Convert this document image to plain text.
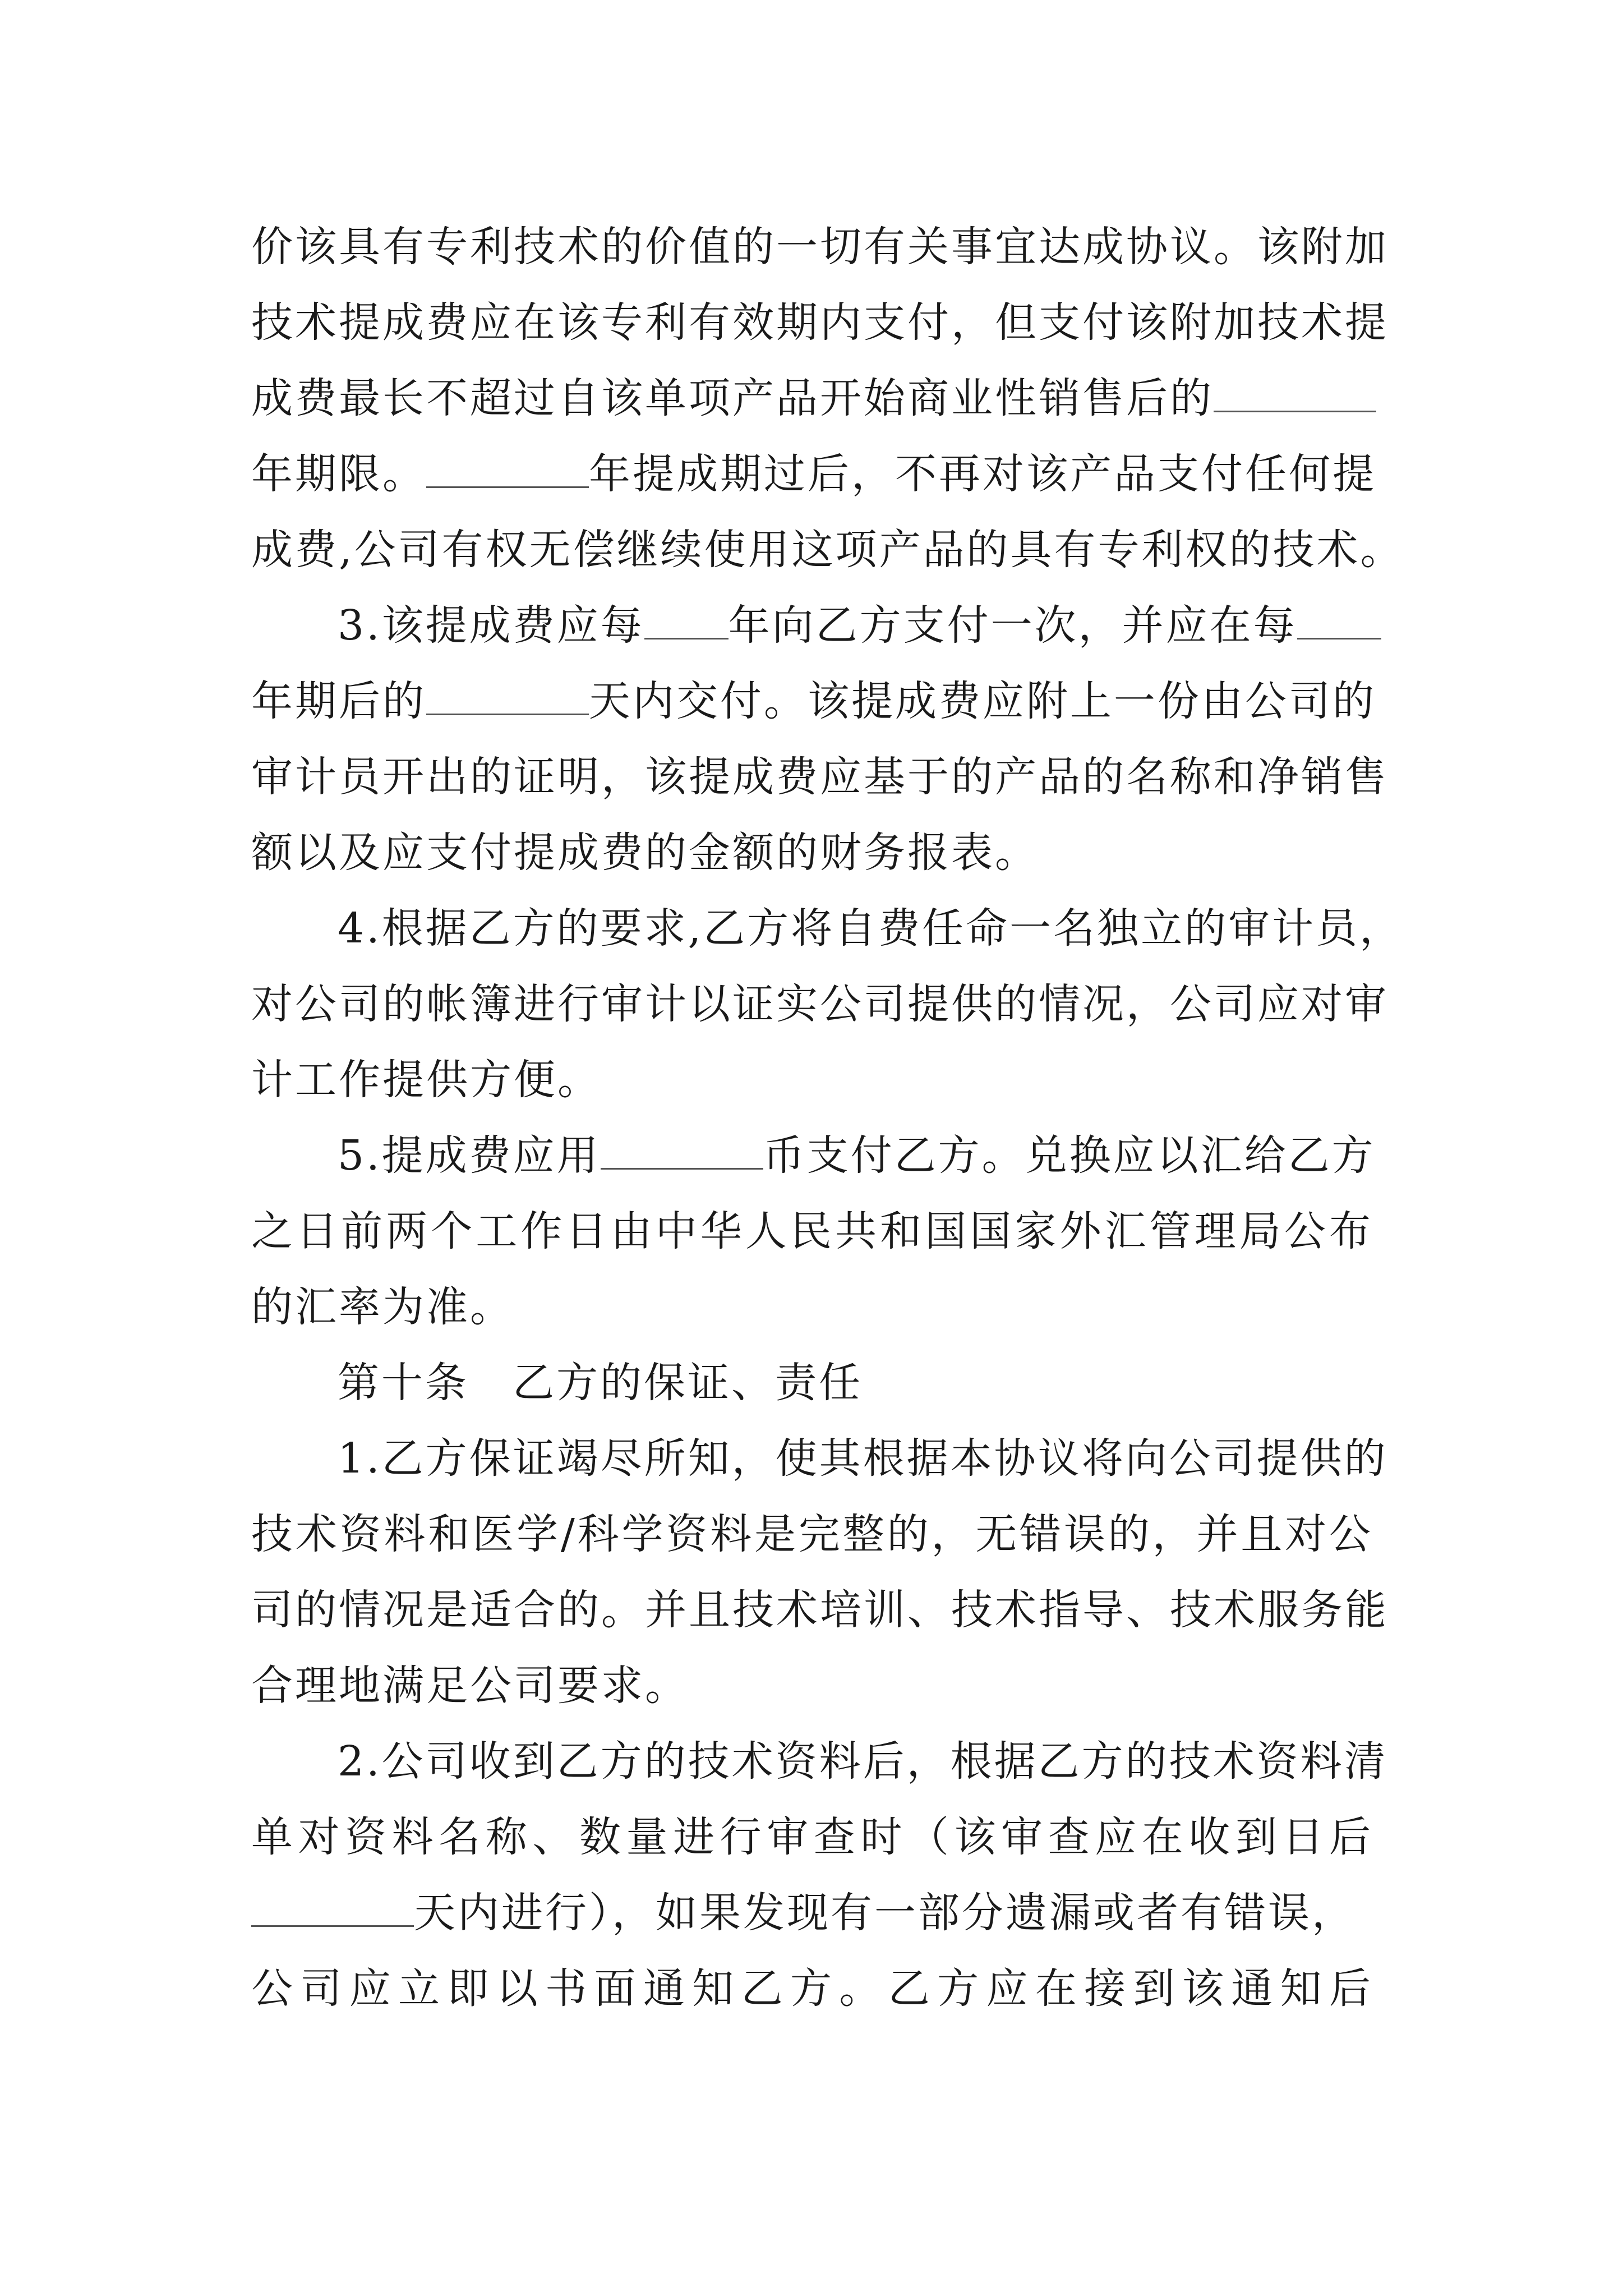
价该具有专利技术的价值的一切有关事宜达成协议。该附加
技术提成费应在该专利有效期内支付，但支付该附加技术提
成费最长不超过自该单项产品开始商业性销售后的
年期限。	年提成期过后，不再对该产品支付任何提
成费,公司有权无偿继续使用这项产品的具有专利权的技术。
3.该提成费应每 年向乙方支付一次，并应在每
年期后的	天内交付。该提成费应附上一份由公司的
审计员开出的证明，该提成费应基于的产品的名称和净销售
额以及应支付提成费的金额的财务报表。
4.根据乙方的要求,乙方将自费任命一名独立的审计员，
对公司的帐簿进行审计以证实公司提供的情况，公司应对审
计工作提供方便。
5.提成费应用	币支付乙方。兑换应以汇给乙方
之日前两个工作日由中华人民共和国国家外汇管理局公布
的汇率为准。
第十条　乙方的保证、责任
1.乙方保证竭尽所知，使其根据本协议将向公司提供的
技术资料和医学/科学资料是完整的，无错误的，并且对公
司的情况是适合的。并且技术培训、技术指导、技术服务能
合理地满足公司要求。
2.公司收到乙方的技术资料后，根据乙方的技术资料清
单对资料名称、数量进行审查时（该审查应在收到日后
天内进行），如果发现有一部分遗漏或者有错误，
公司应立即以书面通知乙方。乙方应在接到该通知后
